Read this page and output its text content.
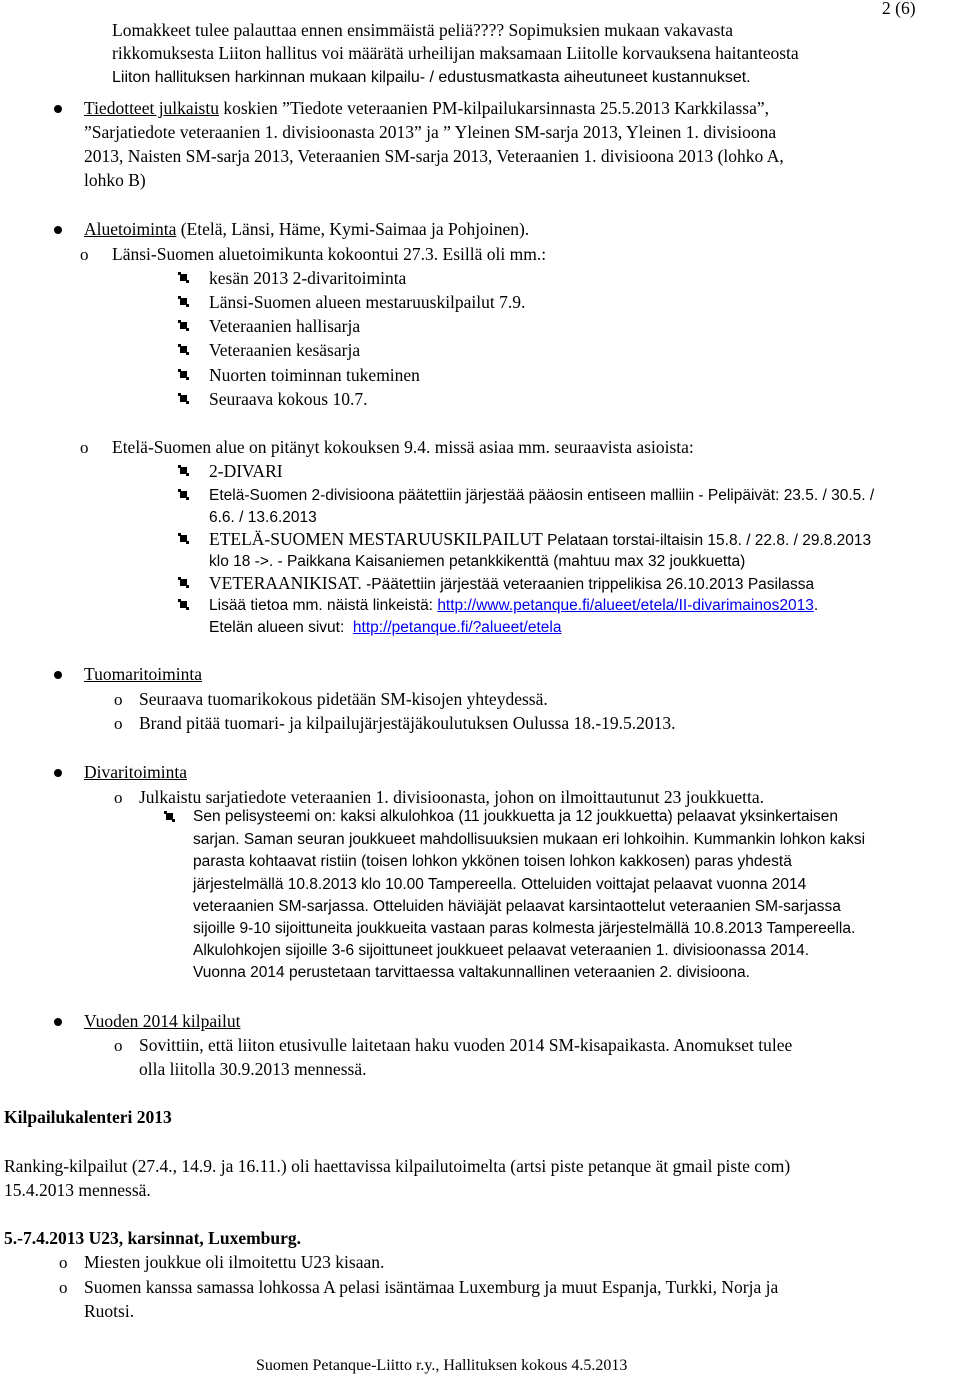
2 (6)
Lomakkeet tulee palauttaa ennen ensimmäistä peliä???? Sopimuksien mukaan vakavasta
rikkomuksesta Liiton hallitus voi määrätä urheilijan maksamaan Liitolle korvauksena haitanteosta
Liiton hallituksen harkinnan mukaan kilpailu- / edustusmatkasta aiheutuneet kustannukset.
Tiedotteet julkaistu koskien ”Tiedote veteraanien PM-kilpailukarsinnasta 25.5.2013 Karkkilassa”,
”Sarjatiedote veteraanien 1. divisioonasta 2013” ja ” Yleinen SM-sarja 2013, Yleinen 1. divisioona
2013, Naisten SM-sarja 2013, Veteraanien SM-sarja 2013, Veteraanien 1. divisioona 2013 (lohko A,
lohko B)
Aluetoiminta (Etelä, Länsi, Häme, Kymi-Saimaa ja Pohjoinen).
o Länsi-Suomen aluetoimikunta kokoontui 27.3. Esillä oli mm.:
kesän 2013 2-divaritoiminta
Länsi-Suomen alueen mestaruuskilpailut 7.9.
Veteraanien hallisarja
Veteraanien kesäsarja
Nuorten toiminnan tukeminen
Seuraava kokous 10.7.
o Etelä-Suomen alue on pitänyt kokouksen 9.4. missä asiaa mm. seuraavista asioista:
2-DIVARI
Etelä-Suomen 2-divisioona päätettiin järjestää pääosin entiseen malliin - Pelipäivät: 23.5. / 30.5. /
6.6. / 13.6.2013
ETELÄ-SUOMEN MESTARUUSKILPAILUT Pelataan torstai-iltaisin 15.8. / 22.8. / 29.8.2013
klo 18 ->. - Paikkana Kaisaniemen petankkikenttä (mahtuu max 32 joukkuetta)
VETERAANIKISAT. -Päätettiin järjestää veteraanien trippelikisa 26.10.2013 Pasilassa
Lisää tietoa mm. näistä linkeistä: http://www.petanque.fi/alueet/etela/II-divarimainos2013.
Etelän alueen sivut:  http://petanque.fi/?alueet/etela
Tuomaritoiminta
o Seuraava tuomarikokous pidetään SM-kisojen yhteydessä.
o Brand pitää tuomari- ja kilpailujärjestäjäkoulutuksen Oulussa 18.-19.5.2013.
Divaritoiminta
o Julkaistu sarjatiedote veteraanien 1. divisioonasta, johon on ilmoittautunut 23 joukkuetta.
Sen pelisysteemi on: kaksi alkulohkoa (11 joukkuetta ja 12 joukkuetta) pelaavat yksinkertaisen
sarjan. Saman seuran joukkueet mahdollisuuksien mukaan eri lohkoihin. Kummankin lohkon kaksi
parasta kohtaavat ristiin (toisen lohkon ykkönen toisen lohkon kakkosen) paras yhdestä
järjestelmällä 10.8.2013 klo 10.00 Tampereella. Otteluiden voittajat pelaavat vuonna 2014
veteraanien SM-sarjassa. Otteluiden häviäjät pelaavat karsintaottelut veteraanien SM-sarjassa
sijoille 9-10 sijoittuneita joukkueita vastaan paras kolmesta järjestelmällä 10.8.2013 Tampereella.
Alkulohkojen sijoille 3-6 sijoittuneet joukkueet pelaavat veteraanien 1. divisioonassa 2014.
Vuonna 2014 perustetaan tarvittaessa valtakunnallinen veteraanien 2. divisioona.
Vuoden 2014 kilpailut
o Sovittiin, että liiton etusivulle laitetaan haku vuoden 2014 SM-kisapaikasta. Anomukset tulee
olla liitolla 30.9.2013 mennessä.
Kilpailukalenteri 2013
Ranking-kilpailut (27.4., 14.9. ja 16.11.) oli haettavissa kilpailutoimelta (artsi piste petanque ät gmail piste com)
15.4.2013 mennessä.
5.-7.4.2013 U23, karsinnat, Luxemburg.
o Miesten joukkue oli ilmoitettu U23 kisaan.
o Suomen kanssa samassa lohkossa A pelasi isäntämaa Luxemburg ja muut Espanja, Turkki, Norja ja
Ruotsi.
Suomen Petanque-Liitto r.y., Hallituksen kokous 4.5.2013
